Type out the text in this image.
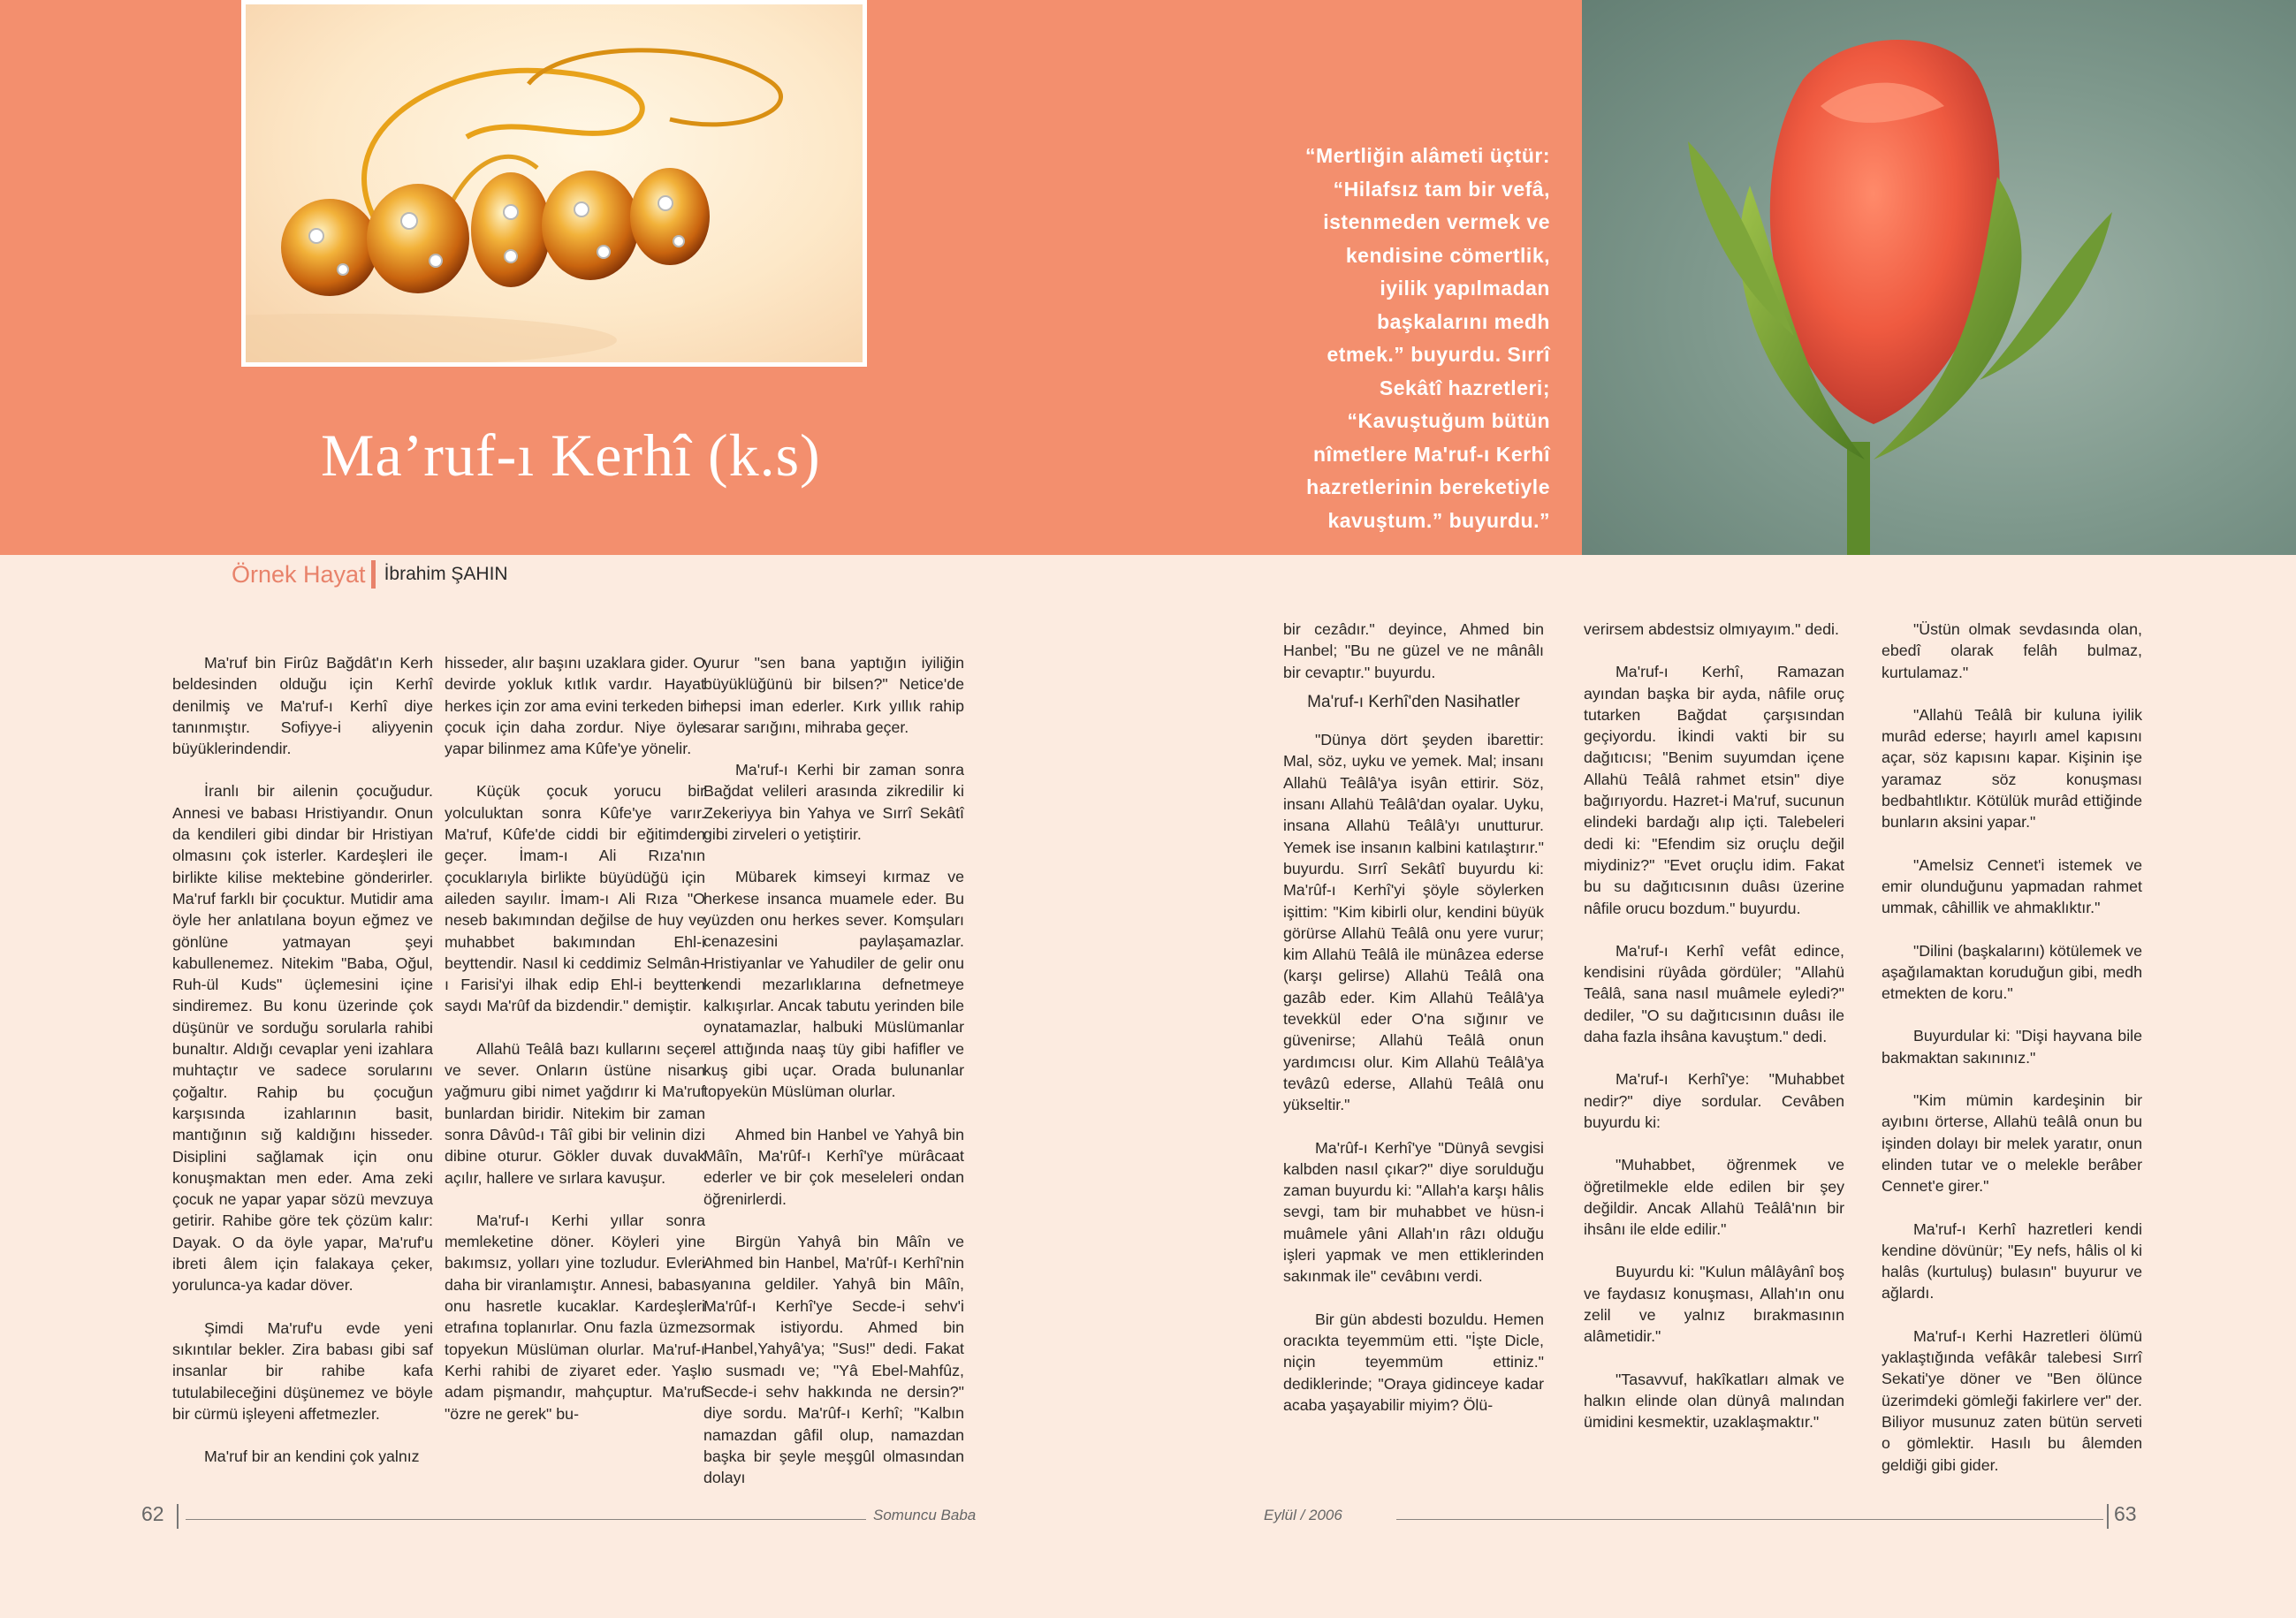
Ma’ruf-ı Kerhî (k.s)

“Mertliğin alâmeti üçtür:

“Hilafsız tam bir vefâ,

istenmeden vermek ve

kendisine cömertlik,

iyilik yapılmadan

başkalarını medh

etmek.” buyurdu. Sırrî

Sekâtî hazretleri;

“Kavuştuğum bütün

nîmetlere Ma'ruf-ı Kerhî

hazretlerinin bereketiyle

kavuştum.” buyurdu.”

Örnek Hayat İbrahim ŞAHIN

Ma'ruf bin Firûz Bağdât'ın Kerh beldesinden olduğu için Kerhî denilmiş ve Ma'ruf-ı Kerhî diye tanınmıştır. Sofiyye-i aliyyenin büyüklerindendir.

İranlı bir ailenin çocuğudur. Annesi ve babası Hristiyandır. Onun da kendileri gibi dindar bir Hristiyan olmasını çok isterler. Kardeşleri ile birlikte kilise mektebine gönderirler. Ma'ruf farklı bir çocuktur. Mutidir ama öyle her anlatılana boyun eğmez ve gönlüne yatmayan şeyi kabullenemez. Nitekim "Baba, Oğul, Ruh-ül Kuds" üçlemesini içine sindiremez. Bu konu üzerinde çok düşünür ve sorduğu sorularla rahibi bunaltır. Aldığı cevaplar yeni izahlara muhtaçtır ve sadece sorularını çoğaltır. Rahip bu çocuğun karşısında izahlarının basit, mantığının sığ kaldığını hisseder. Disiplini sağlamak için onu konuşmaktan men eder. Ama zeki çocuk ne yapar yapar sözü mevzuya getirir. Rahibe göre tek çözüm kalır: Dayak. O da öyle yapar, Ma'ruf'u ibreti âlem için falakaya çeker, yorulunca-ya kadar döver.

Şimdi Ma'ruf'u evde yeni sıkıntılar bekler. Zira babası gibi saf insanlar bir rahibe kafa tutulabileceğini düşünemez ve böyle bir cürmü işleyeni affetmezler.

Ma'ruf bir an kendini çok yalnız

hisseder, alır başını uzaklara gider. O devirde yokluk kıtlık vardır. Hayat herkes için zor ama evini terkeden bir çocuk için daha zordur. Niye öyle yapar bilinmez ama Kûfe'ye yönelir.

Küçük çocuk yorucu bir yolculuktan sonra Kûfe'ye varır. Ma'ruf, Kûfe'de ciddi bir eğitimden geçer. İmam-ı Ali Rıza'nın çocuklarıyla birlikte büyüdüğü için aileden sayılır. İmam-ı Ali Rıza "O neseb bakımından değilse de huy ve muhabbet bakımından Ehl-i beyttendir. Nasıl ki ceddimiz Selmân-ı Farisi'yi ilhak edip Ehl-i beytten saydı Ma'rûf da bizdendir." demiştir.

Allahü Teâlâ bazı kullarını seçer ve sever. Onların üstüne nisan yağmuru gibi nimet yağdırır ki Ma'ruf bunlardan biridir. Nitekim bir zaman sonra Dâvûd-ı Tâî gibi bir velinin dizi dibine oturur. Gökler duvak duvak açılır, hallere ve sırlara kavuşur.

Ma'ruf-ı Kerhi yıllar sonra memleketine döner. Köyleri yine bakımsız, yolları yine tozludur. Evleri daha bir viranlamıştır. Annesi, babası onu hasretle kucaklar. Kardeşleri etrafına toplanırlar. Onu fazla üzmez topyekun Müslüman olurlar. Ma'ruf-ı Kerhi rahibi de ziyaret eder. Yaşlı adam pişmandır, mahçuptur. Ma'ruf "özre ne gerek" bu-

yurur "sen bana yaptığın iyiliğin büyüklüğünü bir bilsen?" Netice'de hepsi iman ederler. Kırk yıllık rahip sarar sarığını, mihraba geçer.

Ma'ruf-ı Kerhi bir zaman sonra Bağdat velileri arasında zikredilir ki Zekeriyya bin Yahya ve Sırrî Sekâtî gibi zirveleri o yetiştirir.

Mübarek kimseyi kırmaz ve herkese insanca muamele eder. Bu yüzden onu herkes sever. Komşuları cenazesini paylaşamazlar. Hristiyanlar ve Yahudiler de gelir onu kendi mezarlıklarına defnetmeye kalkışırlar. Ancak tabutu yerinden bile oynatamazlar, halbuki Müslümanlar el attığında naaş tüy gibi hafifler ve kuş gibi uçar. Orada bulunanlar topyekün Müslüman olurlar.

Ahmed bin Hanbel ve Yahyâ bin Mâîn, Ma'rûf-ı Kerhî'ye mürâcaat ederler ve bir çok meseleleri ondan öğrenirlerdi.

Birgün Yahyâ bin Mâîn ve Ahmed bin Hanbel, Ma'rûf-ı Kerhî'nin yanına geldiler. Yahyâ bin Mâîn, Ma'rûf-ı Kerhî'ye Secde-i sehv'i sormak istiyordu. Ahmed bin Hanbel,Yahyâ'ya; "Sus!" dedi. Fakat o susmadı ve; "Yâ Ebel-Mahfûz, Secde-i sehv hakkında ne dersin?" diye sordu. Ma'rûf-ı Kerhî; "Kalbın namazdan gâfil olup, namazdan başka bir şeyle meşgûl olmasından dolayı

bir cezâdır." deyince, Ahmed bin Hanbel; "Bu ne güzel ve ne mânâlı bir cevaptır." buyurdu.

Ma'ruf-ı Kerhî'den Nasihatler

"Dünya dört şeyden ibarettir: Mal, söz, uyku ve yemek. Mal; insanı Allahü Teâlâ'ya isyân ettirir. Söz, insanı Allahü Teâlâ'dan oyalar. Uyku, insana Allahü Teâlâ'yı unutturur. Yemek ise insanın kalbini katılaştırır." buyurdu. Sırrî Sekâtî buyurdu ki: Ma'rûf-ı Kerhî'yi şöyle söylerken işittim: "Kim kibirli olur, kendini büyük görürse Allahü Teâlâ onu yere vurur; kim Allahü Teâlâ ile münâzea ederse (karşı gelirse) Allahü Teâlâ ona gazâb eder. Kim Allahü Teâlâ'ya tevekkül eder O'na sığınır ve güvenirse; Allahü Teâlâ onun yardımcısı olur. Kim Allahü Teâlâ'ya tevâzû ederse, Allahü Teâlâ onu yükseltir."

Ma'rûf-ı Kerhî'ye "Dünyâ sevgisi kalbden nasıl çıkar?" diye sorulduğu zaman buyurdu ki: "Allah'a karşı hâlis sevgi, tam bir muhabbet ve hüsn-i muâmele yâni Allah'ın râzı olduğu işleri yapmak ve men ettiklerinden sakınmak ile" cevâbını verdi.

Bir gün abdesti bozuldu. Hemen oracıkta teyemmüm etti. "İşte Dicle, niçin teyemmüm ettiniz." dediklerinde; "Oraya gidinceye kadar acaba yaşayabilir miyim? Ölü-

verirsem abdestsiz olmıyayım." dedi.

Ma'ruf-ı Kerhî, Ramazan ayından başka bir ayda, nâfile oruç tutarken Bağdat çarşısından geçiyordu. İkindi vakti bir su dağıtıcısı; "Benim suyumdan içene Allahü Teâlâ rahmet etsin" diye bağırıyordu. Hazret-i Ma'ruf, sucunun elindeki bardağı alıp içti. Talebeleri dedi ki: "Efendim siz oruçlu değil miydiniz?" "Evet oruçlu idim. Fakat bu su dağıtıcısının duâsı üzerine nâfile orucu bozdum." buyurdu.

Ma'ruf-ı Kerhî vefât edince, kendisini rüyâda gördüler; "Allahü Teâlâ, sana nasıl muâmele eyledi?" dediler, "O su dağıtıcısının duâsı ile daha fazla ihsâna kavuştum." dedi.

Ma'ruf-ı Kerhî'ye: "Muhabbet nedir?" diye sordular. Cevâben buyurdu ki:

"Muhabbet, öğrenmek ve öğretilmekle elde edilen bir şey değildir. Ancak Allahü Teâlâ'nın bir ihsânı ile elde edilir."

Buyurdu ki: "Kulun mâlâyânî boş ve faydasız konuşması, Allah'ın onu zelil ve yalnız bırakmasının alâmetidir."

"Tasavvuf, hakîkatları almak ve halkın elinde olan dünyâ malından ümidini kesmektir, uzaklaşmaktır."

"Üstün olmak sevdasında olan, ebedî olarak felâh bulmaz, kurtulamaz."

"Allahü Teâlâ bir kuluna iyilik murâd ederse; hayırlı amel kapısını açar, söz kapısını kapar. Kişinin işe yaramaz söz konuşması bedbahtlıktır. Kötülük murâd ettiğinde bunların aksini yapar."

"Amelsiz Cennet'i istemek ve emir olunduğunu yapmadan rahmet ummak, câhillik ve ahmaklıktır."

"Dilini (başkalarını) kötülemek ve aşağılamaktan koruduğun gibi, medh etmekten de koru."

Buyurdular ki: "Dişi hayvana bile bakmaktan sakınınız."

"Kim mümin kardeşinin bir ayıbını örterse, Allahü teâlâ onun bu işinden dolayı bir melek yaratır, onun elinden tutar ve o melekle berâber Cennet'e girer."

Ma'ruf-ı Kerhî hazretleri kendi kendine dövünür; "Ey nefs, hâlis ol ki halâs (kurtuluş) bulasın" buyurur ve ağlardı.

Ma'ruf-ı Kerhi Hazretleri ölümü yaklaştığında vefâkâr talebesi Sırrî Sekati'ye döner ve "Ben ölünce üzerimdeki gömleği fakirlere ver" der. Biliyor musunuz zaten bütün serveti o gömlektir. Hasılı bu âlemden geldiği gibi gider.

62	Somuncu Baba	Eylül / 2006	63
